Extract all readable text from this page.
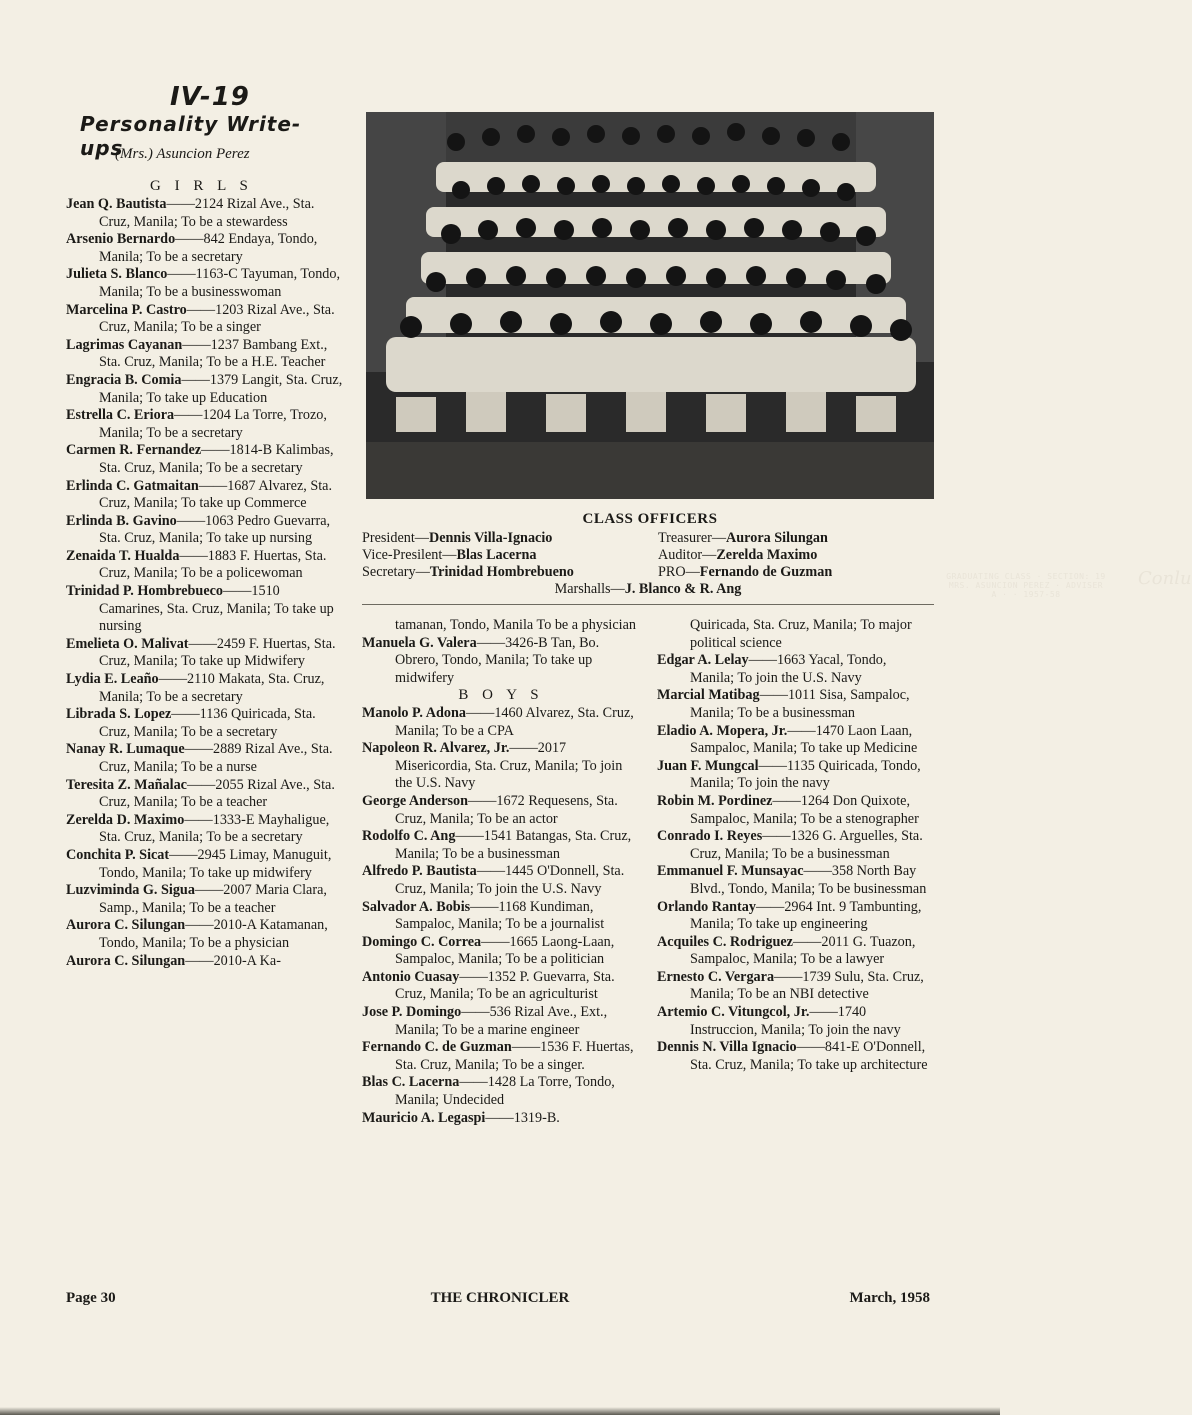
IV-19
Personality Write-ups
(Mrs.) Asuncion Perez
G I R L S

Jean Q. Bautista——2124 Rizal Ave., Sta. Cruz, Manila; To be a stewardess

Arsenio Bernardo——842 Endaya, Tondo, Manila; To be a secretary

Julieta S. Blanco——1163-C Tayuman, Tondo, Manila; To be a businesswoman

Marcelina P. Castro——1203 Rizal Ave., Sta. Cruz, Manila; To be a singer

Lagrimas Cayanan——1237 Bambang Ext., Sta. Cruz, Manila; To be a H.E. Teacher

Engracia B. Comia——1379 Langit, Sta. Cruz, Manila; To take up Education

Estrella C. Eriora——1204 La Torre, Trozo, Manila; To be a secretary

Carmen R. Fernandez——1814-B Kalimbas, Sta. Cruz, Manila; To be a secretary

Erlinda C. Gatmaitan——1687 Alvarez, Sta. Cruz, Manila; To take up Commerce

Erlinda B. Gavino——1063 Pedro Guevarra, Sta. Cruz, Manila; To take up nursing

Zenaida T. Hualda——1883 F. Huertas, Sta. Cruz, Manila; To be a policewoman

Trinidad P. Hombrebueco——1510 Camarines, Sta. Cruz, Manila; To take up nursing

Emelieta O. Malivat——2459 F. Huertas, Sta. Cruz, Manila; To take up Midwifery

Lydia E. Leaño——2110 Makata, Sta. Cruz, Manila; To be a secretary

Librada S. Lopez——1136 Quiricada, Sta. Cruz, Manila; To be a secretary

Nanay R. Lumaque——2889 Rizal Ave., Sta. Cruz, Manila; To be a nurse

Teresita Z. Mañalac——2055 Rizal Ave., Sta. Cruz, Manila; To be a teacher

Zerelda D. Maximo——1333-E Mayhaligue, Sta. Cruz, Manila; To be a secretary

Conchita P. Sicat——2945 Limay, Manuguit, Tondo, Manila; To take up midwifery

Luzviminda G. Sigua——2007 Maria Clara, Samp., Manila; To be a teacher

Aurora C. Silungan——2010-A Katamanan, Tondo, Manila; To be a physician

Aurora C. Silungan——2010-A Ka-

GRADUATING CLASS · SECTION: 19
MRS. ASUNCION PEREZ · ADVISER
A · · 1957-58
Conlu
CLASS OFFICERS
President—Dennis Villa-Ignacio
Vice-Presilent—Blas Lacerna
Secretary—Trinidad Hombrebueno
Treasurer—Aurora Silungan
Auditor—Zerelda Maximo
PRO—Fernando de Guzman
Marshalls—J. Blanco & R. Ang

tamanan, Tondo, Manila To be a physician

Manuela G. Valera——3426-B Tan, Bo. Obrero, Tondo, Manila; To take up midwifery

B O Y S

Manolo P. Adona——1460 Alvarez, Sta. Cruz, Manila; To be a CPA

Napoleon R. Alvarez, Jr.——2017 Misericordia, Sta. Cruz, Manila; To join the U.S. Navy

George Anderson——1672 Requesens, Sta. Cruz, Manila; To be an actor

Rodolfo C. Ang——1541 Batangas, Sta. Cruz, Manila; To be a businessman

Alfredo P. Bautista——1445 O'Donnell, Sta. Cruz, Manila; To join the U.S. Navy

Salvador A. Bobis——1168 Kundiman, Sampaloc, Manila; To be a journalist

Domingo C. Correa——1665 Laong-Laan, Sampaloc, Manila; To be a politician

Antonio Cuasay——1352 P. Guevarra, Sta. Cruz, Manila; To be an agriculturist

Jose P. Domingo——536 Rizal Ave., Ext., Manila; To be a marine engineer

Fernando C. de Guzman——1536 F. Huertas, Sta. Cruz, Manila; To be a singer.

Blas C. Lacerna——1428 La Torre, Tondo, Manila; Undecided

Mauricio A. Legaspi——1319-B.

Quiricada, Sta. Cruz, Manila; To major political science

Edgar A. Lelay——1663 Yacal, Tondo, Manila; To join the U.S. Navy

Marcial Matibag——1011 Sisa, Sampaloc, Manila; To be a businessman

Eladio A. Mopera, Jr.——1470 Laon Laan, Sampaloc, Manila; To take up Medicine

Juan F. Mungcal——1135 Quiricada, Tondo, Manila; To join the navy

Robin M. Pordinez——1264 Don Quixote, Sampaloc, Manila; To be a stenographer

Conrado I. Reyes——1326 G. Arguelles, Sta. Cruz, Manila; To be a businessman

Emmanuel F. Munsayac——358 North Bay Blvd., Tondo, Manila; To be businessman

Orlando Rantay——2964 Int. 9 Tambunting, Manila; To take up engineering

Acquiles C. Rodriguez——2011 G. Tuazon, Sampaloc, Manila; To be a lawyer

Ernesto C. Vergara——1739 Sulu, Sta. Cruz, Manila; To be an NBI detective

Artemio C. Vitungcol, Jr.——1740 Instruccion, Manila; To join the navy

Dennis N. Villa Ignacio——841-E O'Donnell, Sta. Cruz, Manila; To take up architecture

Page 30	THE CHRONICLER	March, 1958
